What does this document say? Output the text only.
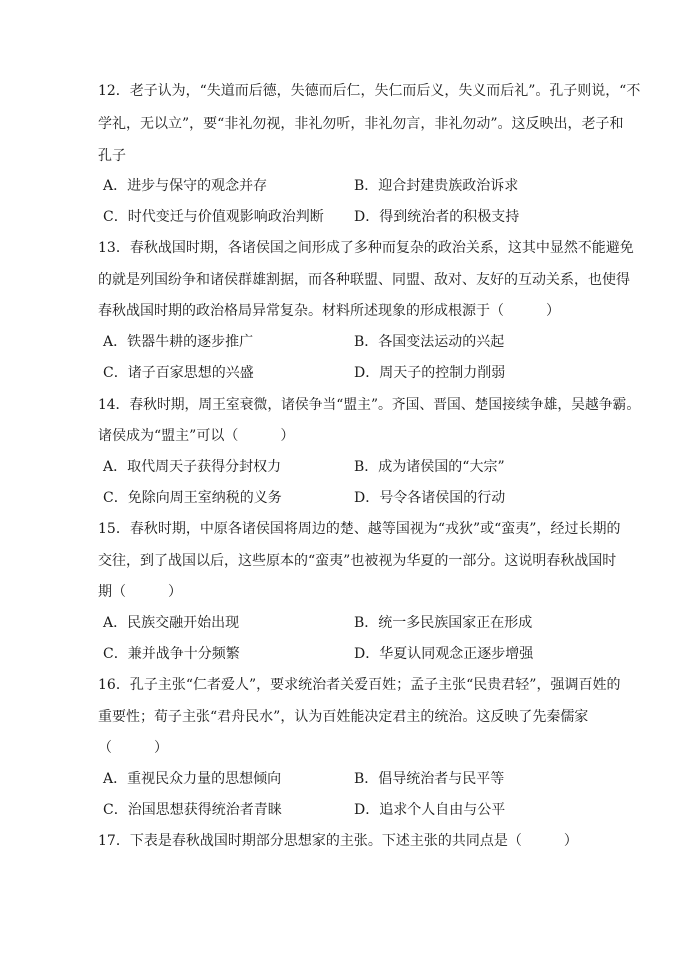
12．老子认为，“失道而后德，失德而后仁，失仁而后义，失义而后礼”。孔子则说，“不
学礼，无以立”，要“非礼勿视，非礼勿听，非礼勿言，非礼勿动”。这反映出，老子和
孔子
A．进步与保守的观念并存	B．迎合封建贵族政治诉求
C．时代变迁与价值观影响政治判断 D．得到统治者的积极支持
13．春秋战国时期，各诸侯国之间形成了多种而复杂的政治关系，这其中显然不能避免
的就是列国纷争和诸侯群雄割据，而各种联盟、同盟、敌对、友好的互动关系，也使得
春秋战国时期的政治格局异常复杂。材料所述现象的形成根源于（　　　）
A．铁器牛耕的逐步推广	B．各国变法运动的兴起
C．诸子百家思想的兴盛	D．周天子的控制力削弱
14．春秋时期，周王室衰微，诸侯争当“盟主”。齐国、晋国、楚国接续争雄，吴越争霸。
诸侯成为“盟主”可以（　　　）
A．取代周天子获得分封权力	B．成为诸侯国的“大宗”
C．免除向周王室纳税的义务	D．号令各诸侯国的行动
15．春秋时期，中原各诸侯国将周边的楚、越等国视为“戎狄”或“蛮夷”，经过长期的
交往，到了战国以后，这些原本的“蛮夷”也被视为华夏的一部分。这说明春秋战国时
期（　　　）
A．民族交融开始出现	B．统一多民族国家正在形成
C．兼并战争十分频繁	D．华夏认同观念正逐步增强
16．孔子主张“仁者爱人”，要求统治者关爱百姓；孟子主张“民贵君轻”，强调百姓的
重要性；荀子主张“君舟民水”，认为百姓能决定君主的统治。这反映了先秦儒家
（　　　）
A．重视民众力量的思想倾向	B．倡导统治者与民平等
C．治国思想获得统治者青睐	D．追求个人自由与公平
17．下表是春秋战国时期部分思想家的主张。下述主张的共同点是（　　　）
